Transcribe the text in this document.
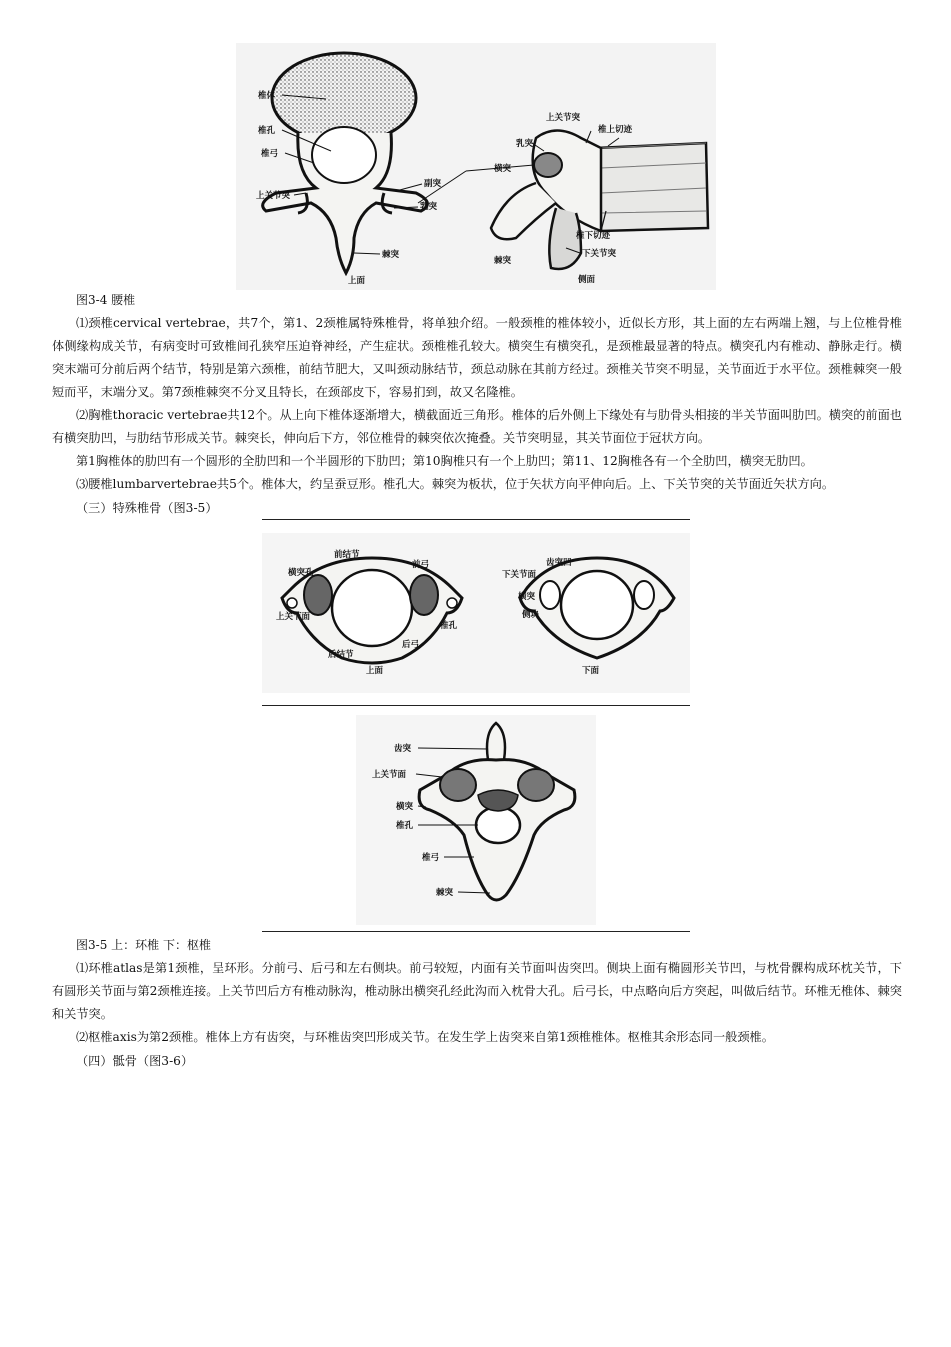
椎体
椎孔
椎弓
上关节突
副突
乳突
棘突
上面
上关节突
椎上切迹
乳突
横突
椎下切迹
下关节突
棘突
侧面
图3-4 腰椎

⑴颈椎cervical vertebrae，共7个，第1、2颈椎属特殊椎骨，将单独介绍。一般颈椎的椎体较小，近似长方形，其上面的左右两端上翘，与上位椎骨椎体侧缘构成关节，有病变时可致椎间孔狭窄压迫脊神经，产生症状。颈椎椎孔较大。横突生有横突孔，是颈椎最显著的特点。横突孔内有椎动、静脉走行。横突末端可分前后两个结节，特别是第六颈椎，前结节肥大，又叫颈动脉结节，颈总动脉在其前方经过。颈椎关节突不明显，关节面近于水平位。颈椎棘突一般短而平，末端分叉。第7颈椎棘突不分叉且特长，在颈部皮下，容易扪到，故又名隆椎。

⑵胸椎thoracic vertebrae共12个。从上向下椎体逐渐增大，横截面近三角形。椎体的后外侧上下缘处有与肋骨头相接的半关节面叫肋凹。横突的前面也有横突肋凹，与肋结节形成关节。棘突长，伸向后下方，邻位椎骨的棘突依次掩叠。关节突明显，其关节面位于冠状方向。

第1胸椎体的肋凹有一个圆形的全肋凹和一个半圆形的下肋凹；第10胸椎只有一个上肋凹；第11、12胸椎各有一个全肋凹，横突无肋凹。

⑶腰椎lumbarvertebrae共5个。椎体大，约呈蚕豆形。椎孔大。棘突为板状，位于矢状方向平伸向后。上、下关节突的关节面近矢状方向。

（三）特殊椎骨（图3-5）
前结节
前弓
横突孔
上关节面
椎孔
后弓
后结节
上面
齿突凹
下关节面
横突
侧块
下面
齿突
上关节面
横突
椎孔
椎弓
棘突
图3-5 上：环椎 下：枢椎

⑴环椎atlas是第1颈椎，呈环形。分前弓、后弓和左右侧块。前弓较短，内面有关节面叫齿突凹。侧块上面有椭圆形关节凹，与枕骨髁构成环枕关节，下有圆形关节面与第2颈椎连接。上关节凹后方有椎动脉沟，椎动脉出横突孔经此沟而入枕骨大孔。后弓长，中点略向后方突起，叫做后结节。环椎无椎体、棘突和关节突。

⑵枢椎axis为第2颈椎。椎体上方有齿突，与环椎齿突凹形成关节。在发生学上齿突来自第1颈椎椎体。枢椎其余形态同一般颈椎。

（四）骶骨（图3-6）
